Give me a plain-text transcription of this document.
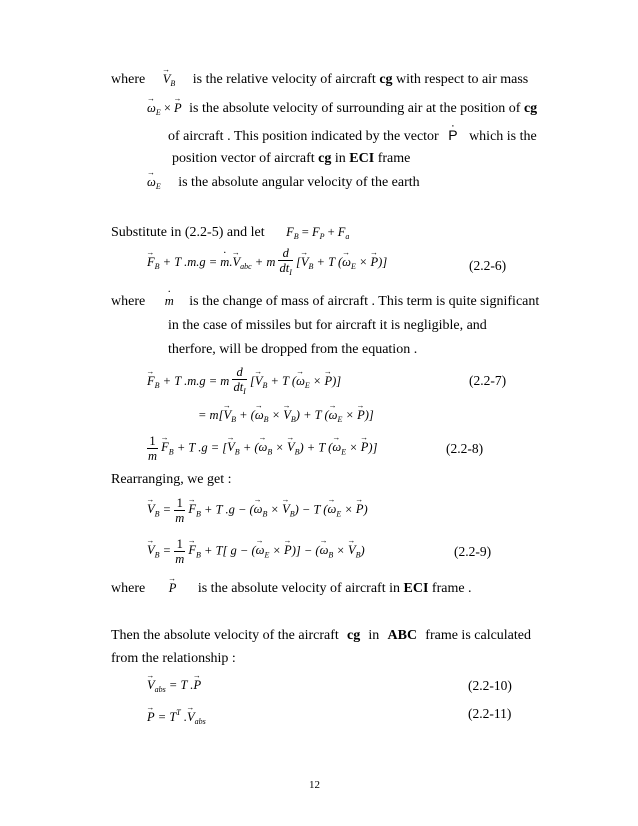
where → $V_B$ is the relative velocity of aircraft cg with respect to air mass
→ $\omega_E$ × → P is the absolute velocity of surrounding air at the position of cg
of aircraft . This position indicated by the vector · P which is the
position vector of aircraft cg in ECI frame
→ $\omega_E$ is the absolute angular velocity of the earth
Substitute in (2.2-5) and let $F_B = F_P + F_a$
→ $F_B + T$ .m.g = · $m.\to V_{abc} + m \frac{d}{dt_I}$ [→ $V_B + T$ (→ $\omega_E$ × → P)]	(2.2-6)
where · m is the change of mass of aircraft . This term is quite significant
in the case of missiles but for aircraft it is negligible, and
therfore, will be dropped from the equation .
→ $F_B + T$ .m.g = m $\frac{d}{dt_I}$ [→ $V_B + T$ (→ $\omega_E$ × → P)]	(2.2-7)
= $m[\to V_B$ + (→ $\omega_B$ × → $V_B) + T$ (→ $\omega_E$ × → P)]
$\frac{1}{m}$
→ $F_B + T$ .g = [→ $V_B$ + (→ $\omega_B$ × → $V_B) + T$ (→ $\omega_E$ × → P)]	(2.2-8)
Rearranging, we get :
→ $V_B = \frac{1}{m}$
→ $F_B + T$ .g − (→ $\omega_B$ × → $V_B) - T$ (→ $\omega_E$ × → P)
→ $V_B = \frac{1}{m}$
→ $F_B + T$[ g − (→ $\omega_E$ × → P)] − (→ $\omega_B$ × → $V_B$)	(2.2-9)
where → P is the absolute velocity of aircraft in ECI frame .
Then the absolute velocity of the aircraft cg in ABC frame is calculated
from the relationship :
→ $V_{abs} = T$ .→ P	(2.2-10)
→ $P = T^T$ .→ $V_{abs}$
(2.2-11)
12
